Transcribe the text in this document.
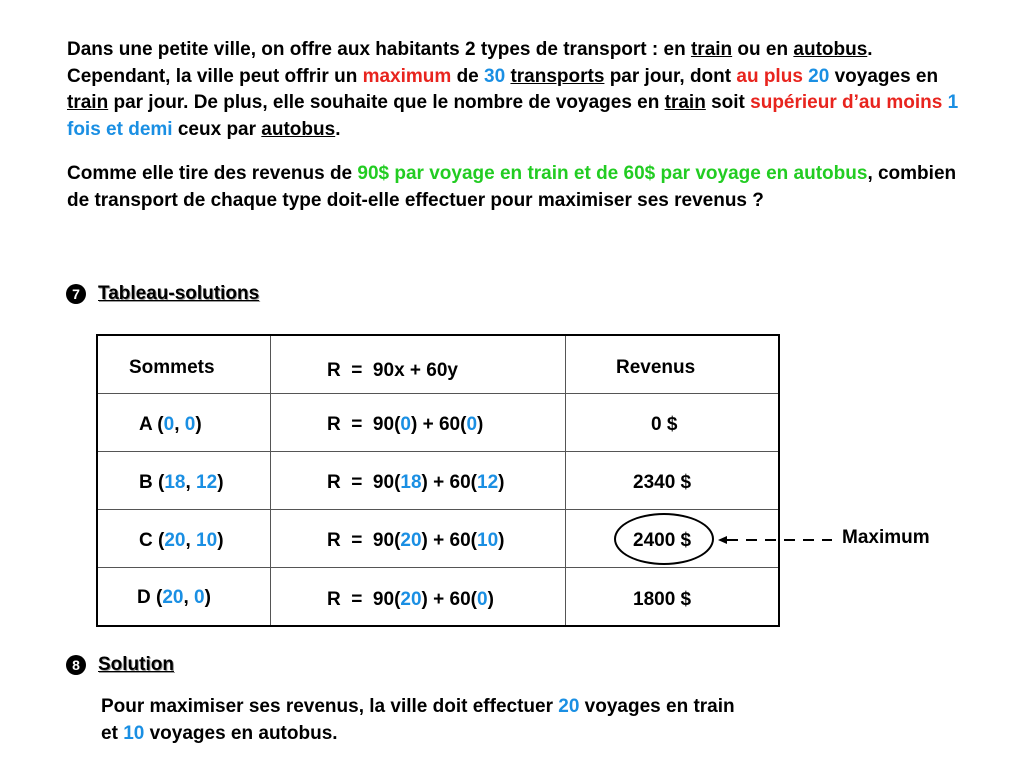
Dans une petite ville, on offre aux habitants 2 types de transport : en train ou en autobus. Cependant, la ville peut offrir un maximum de 30 transports par jour, dont au plus 20 voyages en train par jour. De plus, elle souhaite que le nombre de voyages en train soit supérieur d’au moins 1 fois et demi ceux par autobus.
Comme elle tire des revenus de 90$ par voyage en train et de 60$ par voyage en autobus, combien de transport de chaque type doit-elle effectuer pour maximiser ses revenus ?
7 Tableau-solutions
Sommets	R  =  90x + 60y	Revenus
A (0, 0)	R  =  90(0) + 60(0)	0 $
B (18, 12)	R  =  90(18) + 60(12)	2340 $
C (20, 10)	R  =  90(20) + 60(10)	2400 $
D (20, 0)	R  =  90(20) + 60(0)	1800 $
Maximum
8 Solution
Pour maximiser ses revenus, la ville doit effectuer 20 voyages en train
et 10 voyages en autobus.
